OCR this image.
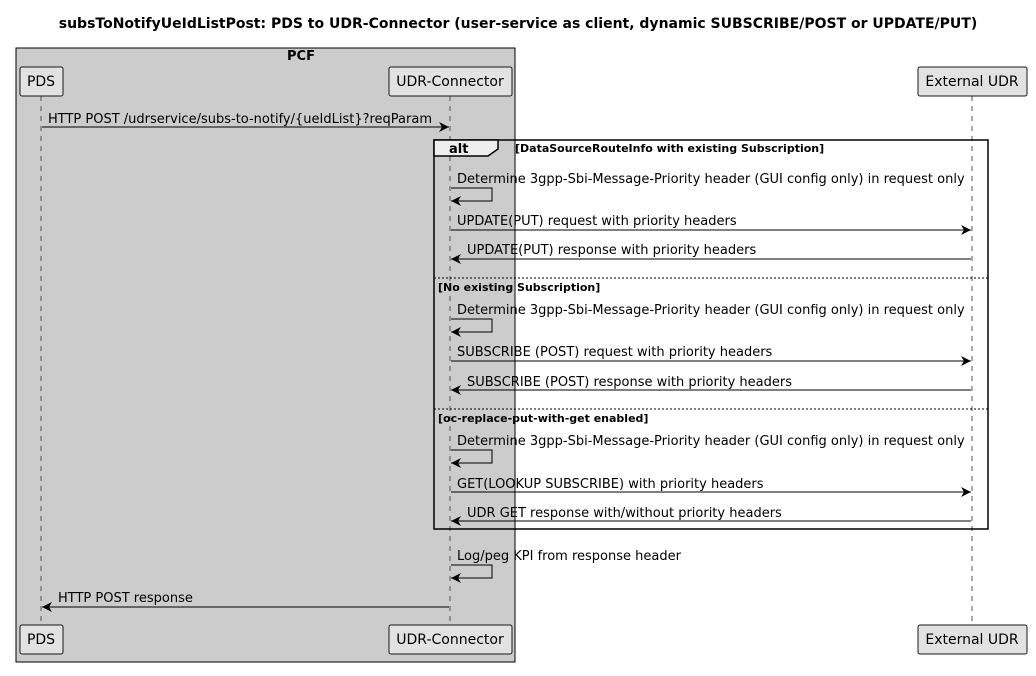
subsToNotifyUeIdListPost: PDS to UDR-Connector (user-service as client, dynamic SUBSCRIBE/POST or UPDATE/PUT)
PCF
PDS	UDR-Connector	External UDR
PDS	UDR-Connector	External UDR
alt	[DataSourceRouteInfo with existing Subscription]
[No existing Subscription]
[oc-replace-put-with-get enabled]
HTTP POST /udrservice/subs-to-notify/{ueIdList}?reqParam
Determine 3gpp-Sbi-Message-Priority header (GUI config only) in request only
UPDATE(PUT) request with priority headers
UPDATE(PUT) response with priority headers
Determine 3gpp-Sbi-Message-Priority header (GUI config only) in request only
SUBSCRIBE (POST) request with priority headers
SUBSCRIBE (POST) response with priority headers
Determine 3gpp-Sbi-Message-Priority header (GUI config only) in request only
GET(LOOKUP SUBSCRIBE) with priority headers
UDR GET response with/without priority headers
Log/peg KPI from response header
HTTP POST response
